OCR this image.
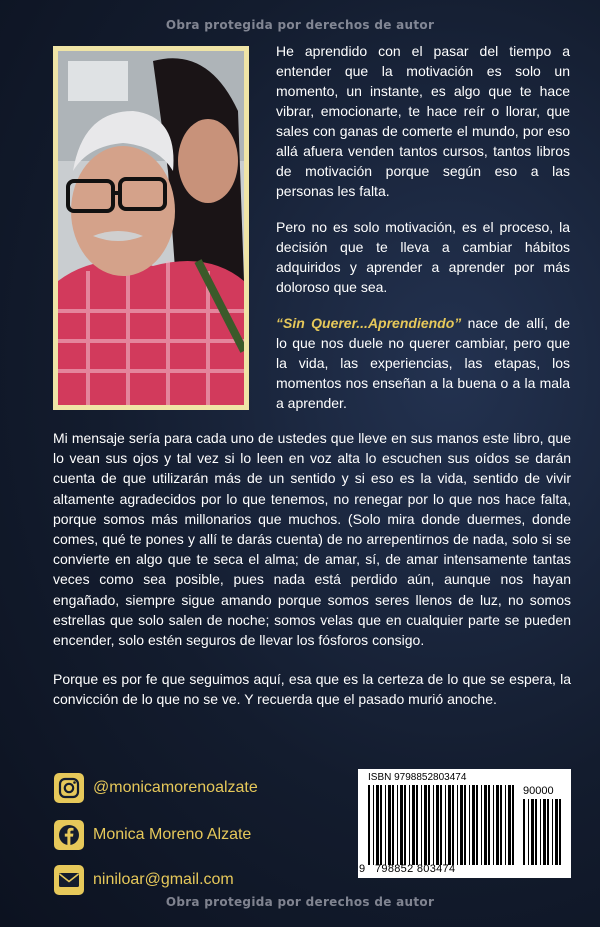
Obra protegida por derechos de autor

He aprendido con el pasar del tiempo a entender que la motivación es solo un momento, un instante, es algo que te hace vibrar, emocionarte, te hace reír o llorar, que sales con ganas de comerte el mundo, por eso allá afuera venden tantos cursos, tantos libros de motivación porque según eso a las personas les falta.

Pero no es solo motivación, es el proceso, la decisión que te lleva a cambiar hábitos adquiridos y aprender a aprender por más doloroso que sea.

“Sin Querer...Aprendiendo” nace de allí, de lo que nos duele no querer cambiar, pero que la vida, las experiencias, las etapas, los momentos nos enseñan a la buena o a la mala a aprender.

Mi mensaje sería para cada uno de ustedes que lleve en sus manos este libro, que lo vean sus ojos y tal vez si lo leen en voz alta lo escuchen sus oídos se darán cuenta de que utilizarán más de un sentido y si eso es la vida, sentido de vivir altamente agradecidos por lo que tenemos, no renegar por lo que nos hace falta, porque somos más millonarios que muchos. (Solo mira donde duermes, donde comes, qué te pones y allí te darás cuenta) de no arrepentirnos de nada, solo si se convierte en algo que te seca el alma; de amar, sí, de amar intensamente tantas veces como sea posible, pues nada está perdido aún, aunque nos hayan engañado, siempre sigue amando porque somos seres llenos de luz, no somos estrellas que solo salen de noche; somos velas que en cualquier parte se pueden encender, solo estén seguros de llevar los fósforos consigo.

Porque es por fe que seguimos aquí, esa que es la certeza de lo que se espera, la convicción de lo que no se ve. Y recuerda que el pasado murió anoche.

@monicamorenoalzate
Monica Moreno Alzate
niniloar@gmail.com
ISBN 9798852803474
90000
9 798852 803474
Obra protegida por derechos de autor
